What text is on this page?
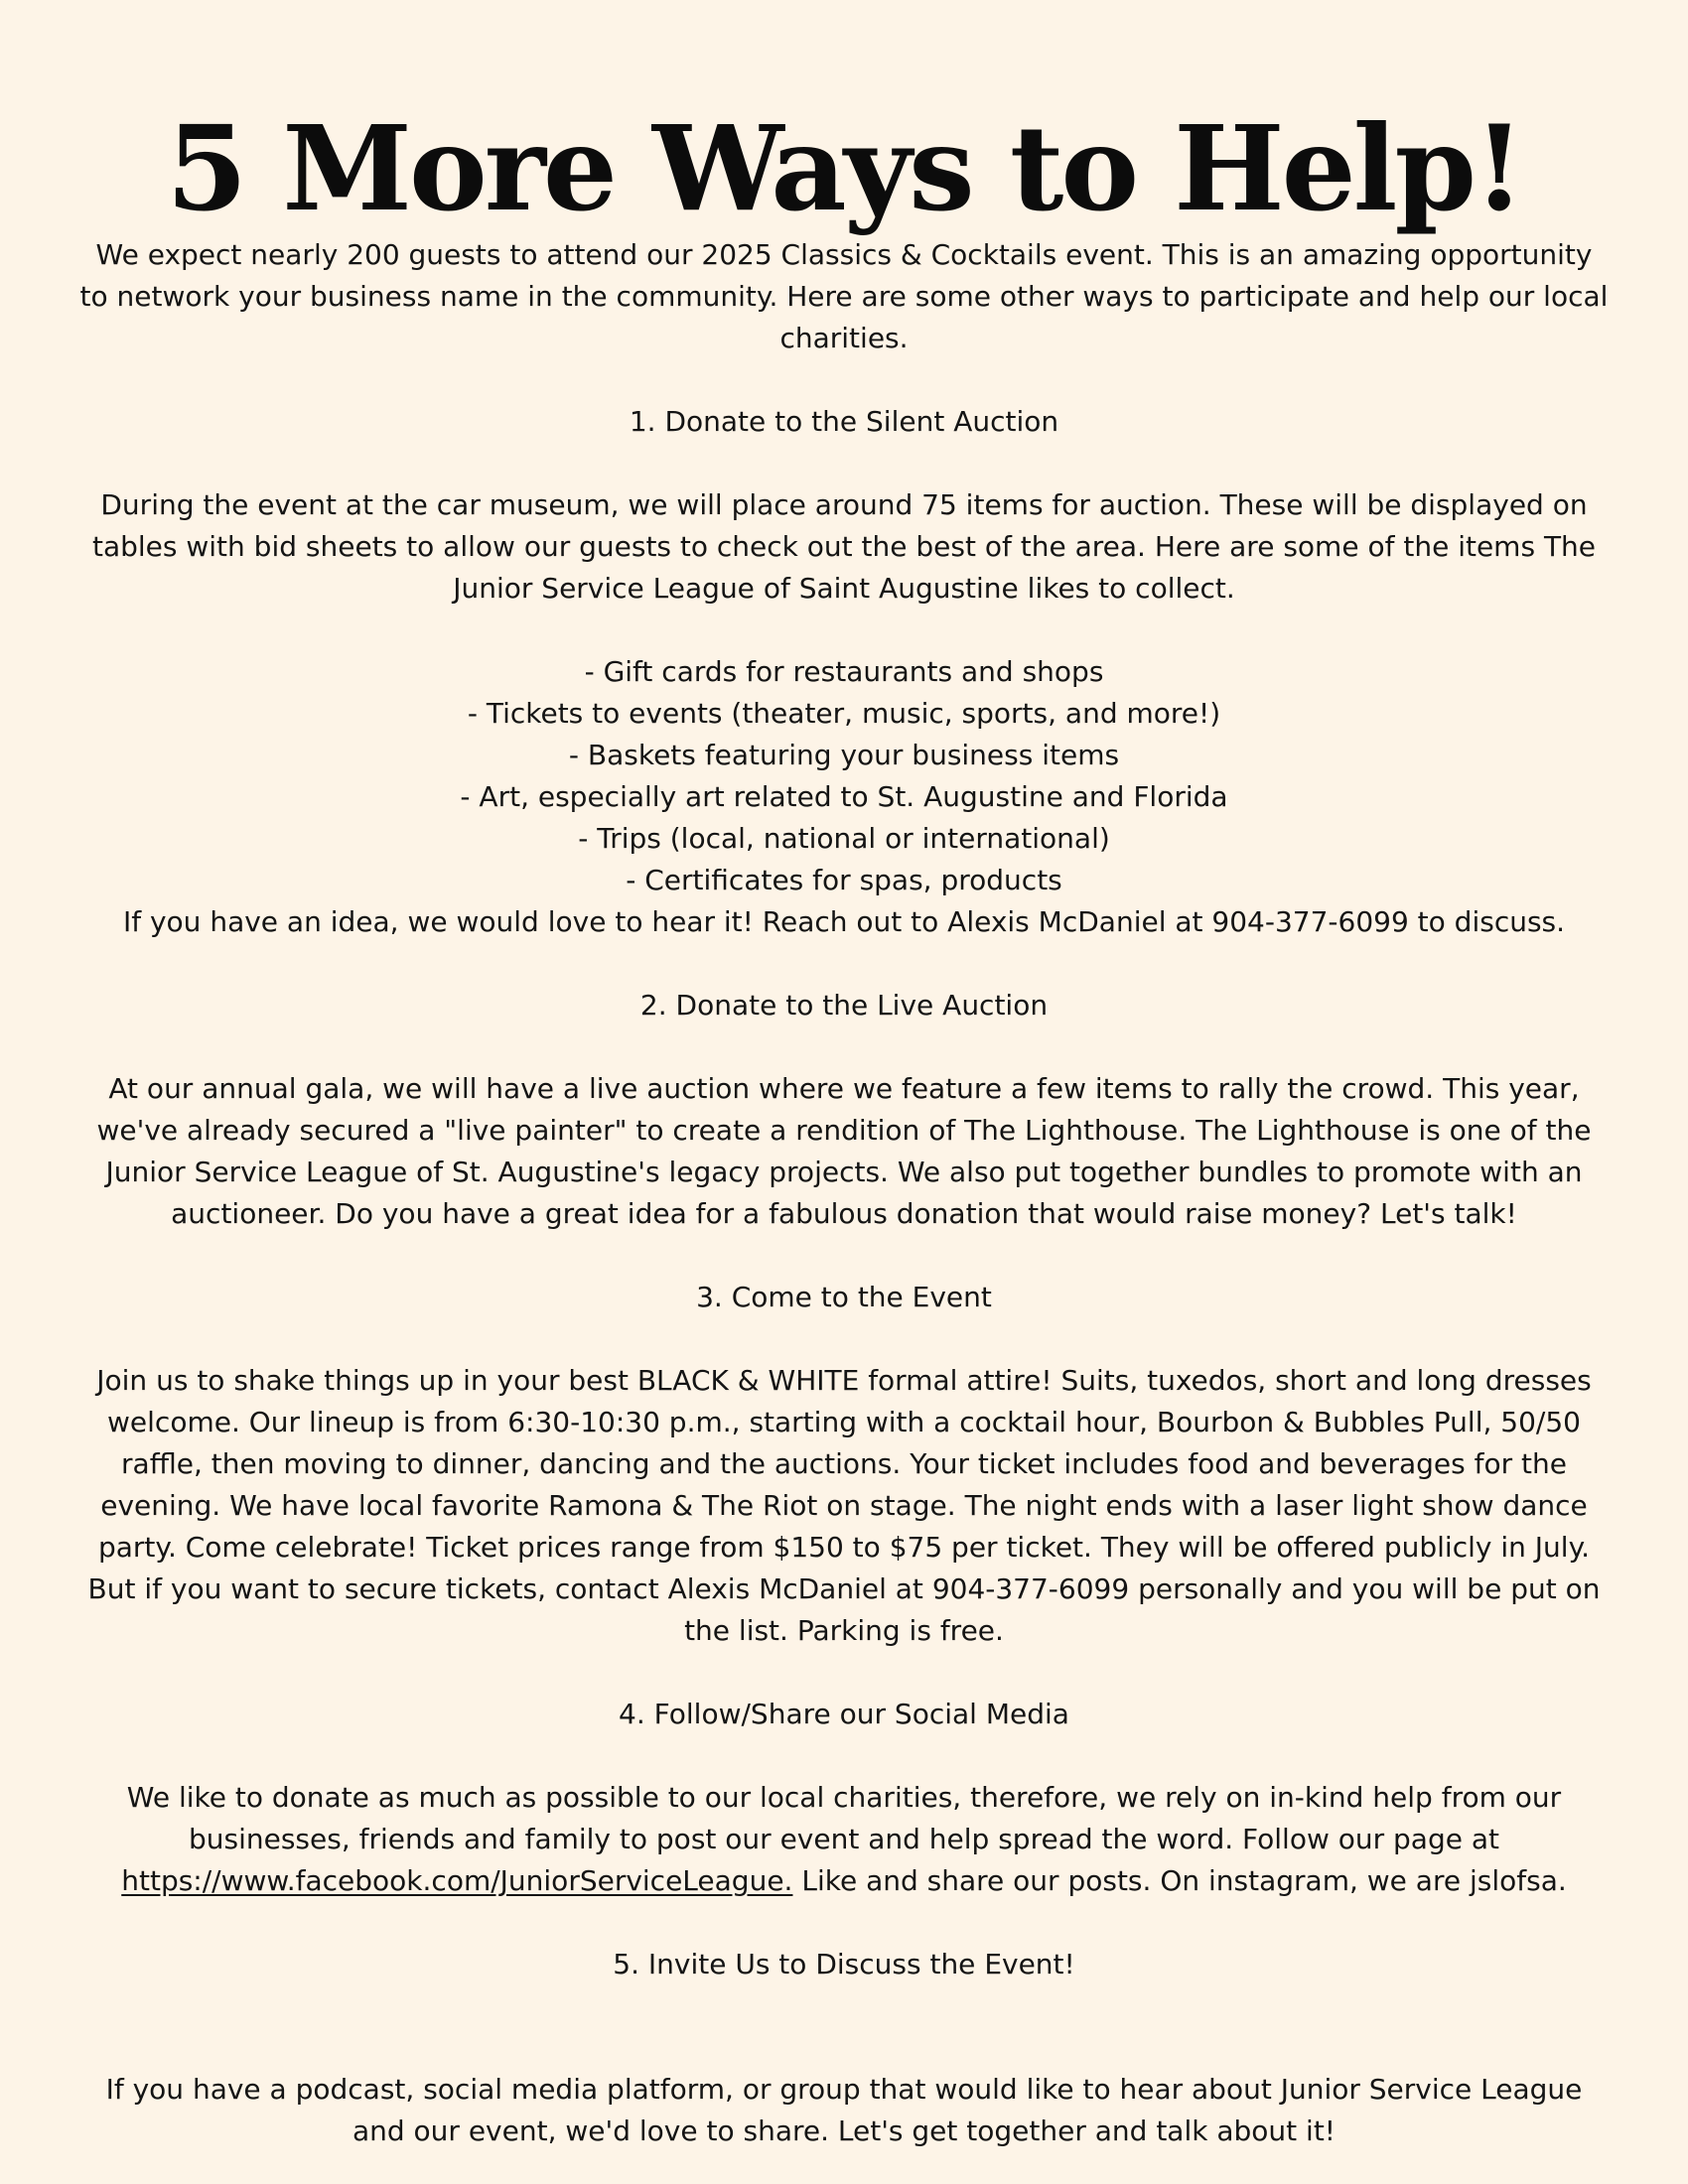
5 More Ways to Help!

We expect nearly 200 guests to attend our 2025 Classics & Cocktails event. This is an amazing opportunity to network your business name in the community. Here are some other ways to participate and help our local charities.

1. Donate to the Silent Auction

During the event at the car museum, we will place around 75 items for auction. These will be displayed on tables with bid sheets to allow our guests to check out the best of the area. Here are some of the items The Junior Service League of Saint Augustine likes to collect.

- Gift cards for restaurants and shops
- Tickets to events (theater, music, sports, and more!)
- Baskets featuring your business items
- Art, especially art related to St. Augustine and Florida
- Trips (local, national or international)
- Certificates for spas, products

If you have an idea, we would love to hear it! Reach out to Alexis McDaniel at 904-377-6099 to discuss.

2. Donate to the Live Auction

At our annual gala, we will have a live auction where we feature a few items to rally the crowd. This year, we've already secured a "live painter" to create a rendition of The Lighthouse. The Lighthouse is one of the Junior Service League of St. Augustine's legacy projects. We also put together bundles to promote with an auctioneer. Do you have a great idea for a fabulous donation that would raise money? Let's talk!

3. Come to the Event

Join us to shake things up in your best BLACK & WHITE formal attire! Suits, tuxedos, short and long dresses welcome. Our lineup is from 6:30-10:30 p.m., starting with a cocktail hour, Bourbon & Bubbles Pull, 50/50 raffle, then moving to dinner, dancing and the auctions. Your ticket includes food and beverages for the evening. We have local favorite Ramona & The Riot on stage. The night ends with a laser light show dance party. Come celebrate! Ticket prices range from $150 to $75 per ticket. They will be offered publicly in July. But if you want to secure tickets, contact Alexis McDaniel at 904-377-6099 personally and you will be put on the list. Parking is free.

4. Follow/Share our Social Media

We like to donate as much as possible to our local charities, therefore, we rely on in-kind help from our businesses, friends and family to post our event and help spread the word. Follow our page at https://www.facebook.com/JuniorServiceLeague. Like and share our posts. On instagram, we are jslofsa.

5. Invite Us to Discuss the Event!

If you have a podcast, social media platform, or group that would like to hear about Junior Service League and our event, we'd love to share. Let's get together and talk about it!
